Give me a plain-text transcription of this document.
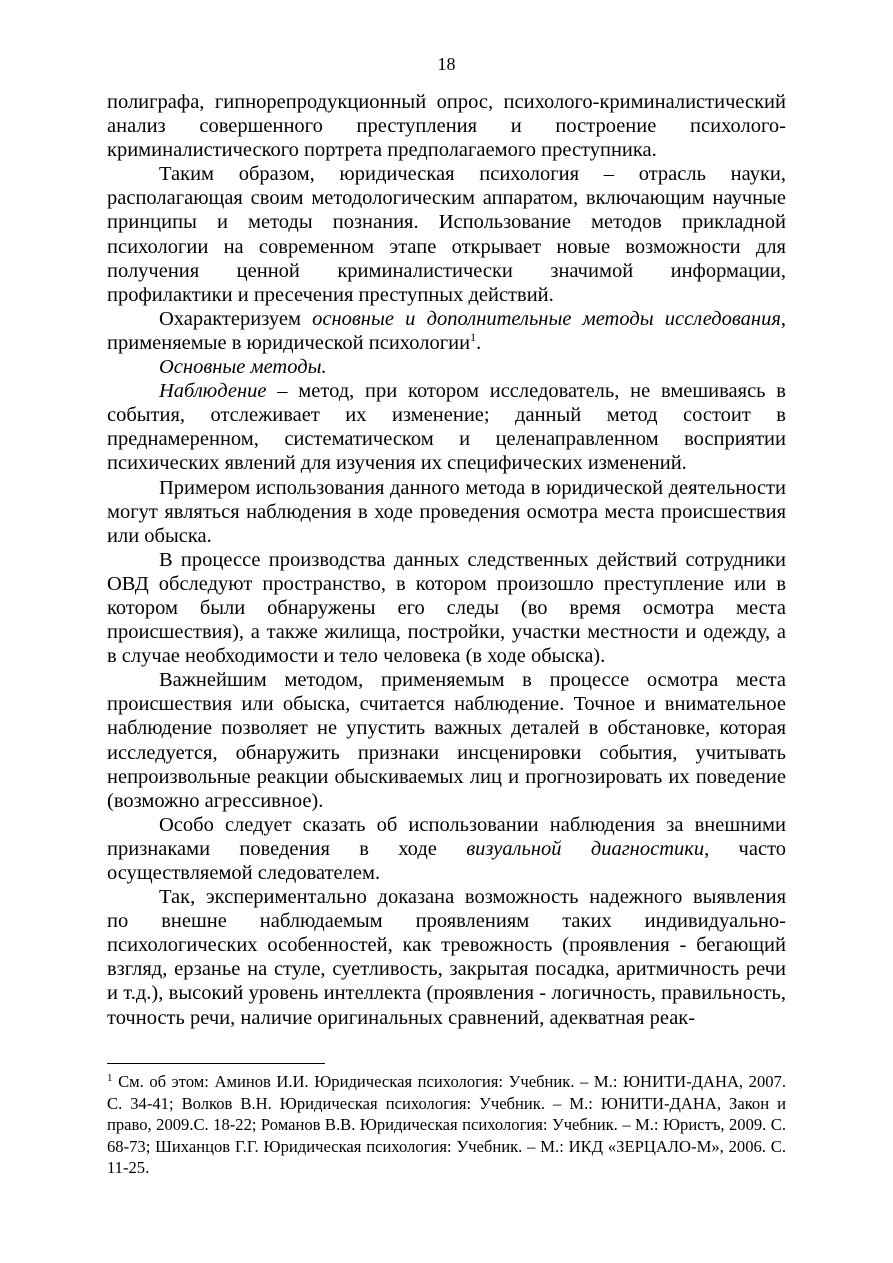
18

полиграфа, гипнорепродукционный опрос, психолого-криминалистический анализ совершенного преступления и построение психолого-криминалистического портрета предполагаемого преступника.

Таким образом, юридическая психология – отрасль науки, располагающая своим методологическим аппаратом, включающим научные принципы и методы познания. Использование методов прикладной психологии на современном этапе открывает новые возможности для получения ценной криминалистически значимой информации, профилактики и пресечения преступных действий.

Охарактеризуем основные и дополнительные методы исследования, применяемые в юридической психологии$^1$.

Основные методы.

Наблюдение – метод, при котором исследователь, не вмешиваясь в события, отслеживает их изменение; данный метод состоит в преднамеренном, систематическом и целенаправленном восприятии психических явлений для изучения их специфических изменений.

Примером использования данного метода в юридической деятельности могут являться наблюдения в ходе проведения осмотра места происшествия или обыска.

В процессе производства данных следственных действий сотрудники ОВД обследуют пространство, в котором произошло преступление или в котором были обнаружены его следы (во время осмотра места происшествия), а также жилища, постройки, участки местности и одежду, а в случае необходимости и тело человека (в ходе обыска).

Важнейшим методом, применяемым в процессе осмотра места происшествия или обыска, считается наблюдение. Точное и внимательное наблюдение позволяет не упустить важных деталей в обстановке, которая исследуется, обнаружить признаки инсценировки события, учитывать непроизвольные реакции обыскиваемых лиц и прогнозировать их поведение (возможно агрессивное).

Особо следует сказать об использовании наблюдения за внешними признаками поведения в ходе визуальной диагностики, часто осуществляемой следователем.

Так, экспериментально доказана возможность надежного выявления

по внешне наблюдаемым проявлениям таких индивидуально-

психологических особенностей, как тревожность (проявления - бегающий взгляд, ерзанье на стуле, суетливость, закрытая посадка, аритмичность речи и т.д.), высокий уровень интеллекта (проявления - логичность, правильность, точность речи, наличие оригинальных сравнений, адекватная реак-

$^1$ См. об этом: Аминов И.И. Юридическая психология: Учебник. – М.: ЮНИТИ-ДАНА, 2007. С. 34-41; Волков В.Н. Юридическая психология: Учебник. – М.: ЮНИТИ-ДАНА, Закон и право, 2009.С. 18-22; Романов В.В. Юридическая психология: Учебник. – М.: Юристъ, 2009. С. 68-73; Шиханцов Г.Г. Юридическая психология: Учебник. – М.: ИКД «ЗЕРЦАЛО-М», 2006. С. 11-25.
